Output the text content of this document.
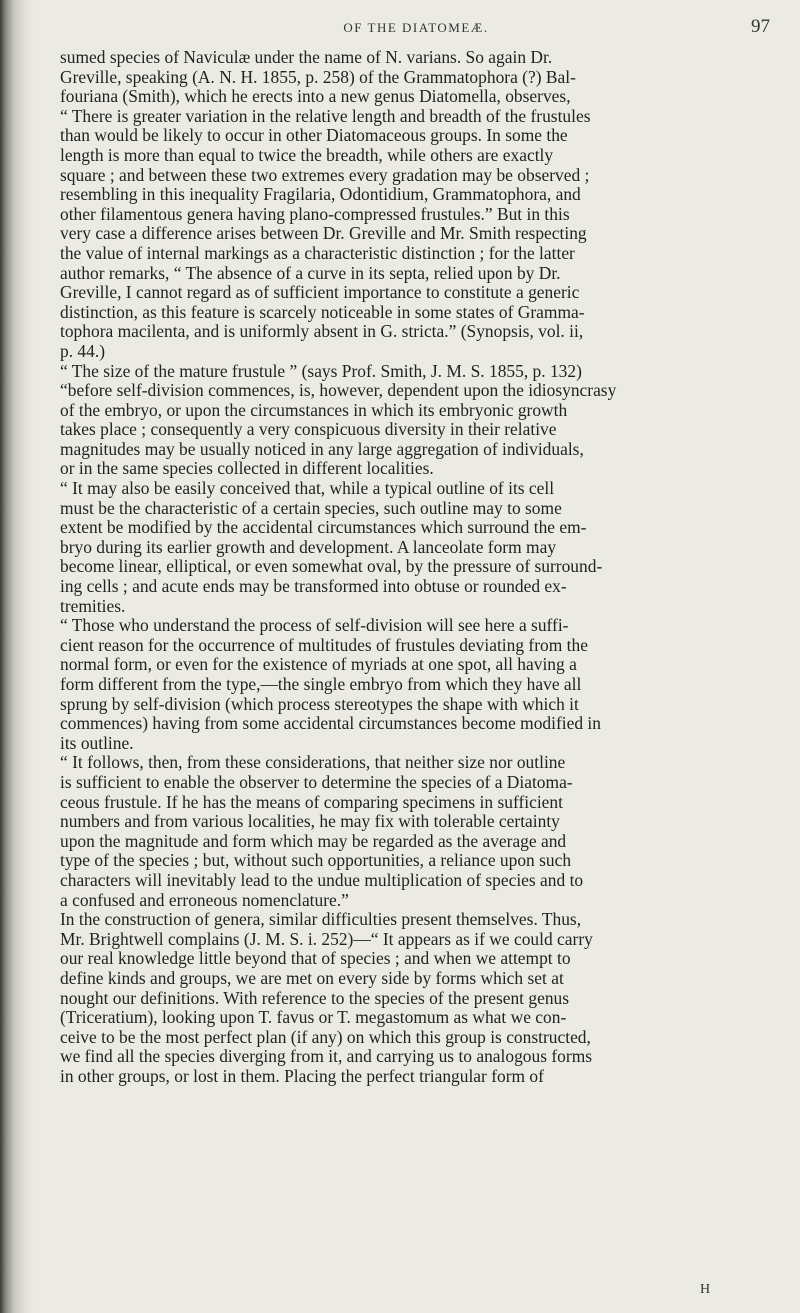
OF THE DIATOMEÆ.	97
sumed species of Naviculæ under the name of N. varians. So again Dr.
Greville, speaking (A. N. H. 1855, p. 258) of the Grammatophora (?) Bal-
fouriana (Smith), which he erects into a new genus Diatomella, observes,
“ There is greater variation in the relative length and breadth of the frustules
than would be likely to occur in other Diatomaceous groups. In some the
length is more than equal to twice the breadth, while others are exactly
square ; and between these two extremes every gradation may be observed ;
resembling in this inequality Fragilaria, Odontidium, Grammatophora, and
other filamentous genera having plano-compressed frustules.” But in this
very case a difference arises between Dr. Greville and Mr. Smith respecting
the value of internal markings as a characteristic distinction ; for the latter
author remarks, “ The absence of a curve in its septa, relied upon by Dr.
Greville, I cannot regard as of sufficient importance to constitute a generic
distinction, as this feature is scarcely noticeable in some states of Gramma-
tophora macilenta, and is uniformly absent in G. stricta.” (Synopsis, vol. ii,
p. 44.)
“ The size of the mature frustule ” (says Prof. Smith, J. M. S. 1855, p. 132)
“before self-division commences, is, however, dependent upon the idiosyncrasy
of the embryo, or upon the circumstances in which its embryonic growth
takes place ; consequently a very conspicuous diversity in their relative
magnitudes may be usually noticed in any large aggregation of individuals,
or in the same species collected in different localities.
“ It may also be easily conceived that, while a typical outline of its cell
must be the characteristic of a certain species, such outline may to some
extent be modified by the accidental circumstances which surround the em-
bryo during its earlier growth and development. A lanceolate form may
become linear, elliptical, or even somewhat oval, by the pressure of surround-
ing cells ; and acute ends may be transformed into obtuse or rounded ex-
tremities.
“ Those who understand the process of self-division will see here a suffi-
cient reason for the occurrence of multitudes of frustules deviating from the
normal form, or even for the existence of myriads at one spot, all having a
form different from the type,—the single embryo from which they have all
sprung by self-division (which process stereotypes the shape with which it
commences) having from some accidental circumstances become modified in
its outline.
“ It follows, then, from these considerations, that neither size nor outline
is sufficient to enable the observer to determine the species of a Diatoma-
ceous frustule. If he has the means of comparing specimens in sufficient
numbers and from various localities, he may fix with tolerable certainty
upon the magnitude and form which may be regarded as the average and
type of the species ; but, without such opportunities, a reliance upon such
characters will inevitably lead to the undue multiplication of species and to
a confused and erroneous nomenclature.”
In the construction of genera, similar difficulties present themselves. Thus,
Mr. Brightwell complains (J. M. S. i. 252)—“ It appears as if we could carry
our real knowledge little beyond that of species ; and when we attempt to
define kinds and groups, we are met on every side by forms which set at
nought our definitions. With reference to the species of the present genus
(Triceratium), looking upon T. favus or T. megastomum as what we con-
ceive to be the most perfect plan (if any) on which this group is constructed,
we find all the species diverging from it, and carrying us to analogous forms
in other groups, or lost in them. Placing the perfect triangular form of
H
